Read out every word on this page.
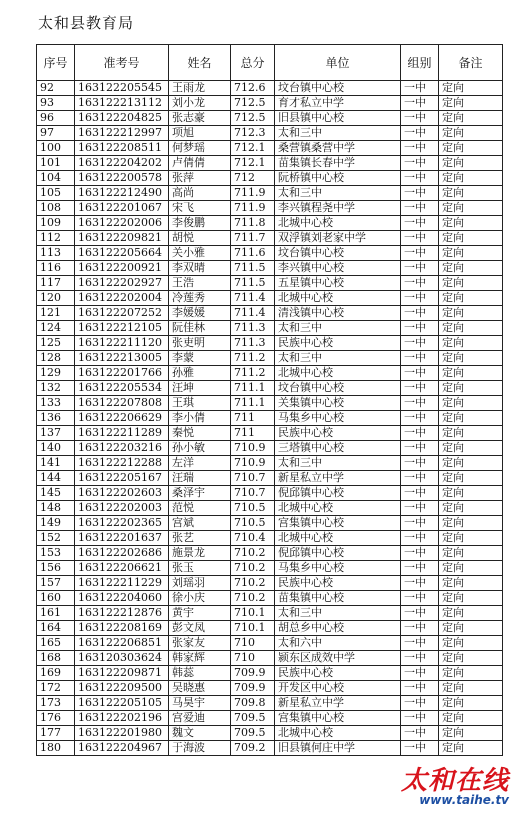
太和县教育局
序号	准考号	姓名	总分	单位	组别	备注
92	163122205545	王雨龙	712.6	坟台镇中心校	一中	定向
93	163122213112	刘小龙	712.5	育才私立中学	一中	定向
96	163122204825	张志豪	712.5	旧县镇中心校	一中	定向
97	163122212997	项旭	712.3	太和三中	一中	定向
100	163122208511	何梦瑶	712.1	桑营镇桑营中学	一中	定向
101	163122204202	卢倩倩	712.1	苗集镇长春中学	一中	定向
104	163122200578	张萍	712	阮桥镇中心校	一中	定向
105	163122212490	高尚	711.9	太和三中	一中	定向
108	163122201067	宋飞	711.9	李兴镇程尧中学	一中	定向
109	163122202006	李俊鹏	711.8	北城中心校	一中	定向
112	163122209821	胡悦	711.7	双浮镇刘老家中学	一中	定向
113	163122205664	关小雅	711.6	坟台镇中心校	一中	定向
116	163122200921	李双晴	711.5	李兴镇中心校	一中	定向
117	163122202927	王浩	711.5	五星镇中心校	一中	定向
120	163122202004	冷莲秀	711.4	北城中心校	一中	定向
121	163122207252	李媛媛	711.4	清浅镇中心校	一中	定向
124	163122212105	阮佳林	711.3	太和三中	一中	定向
125	163122211120	张吏明	711.3	民族中心校	一中	定向
128	163122213005	李蒙	711.2	太和三中	一中	定向
129	163122201766	孙雅	711.2	北城中心校	一中	定向
132	163122205534	汪坤	711.1	坟台镇中心校	一中	定向
133	163122207808	王琪	711.1	关集镇中心校	一中	定向
136	163122206629	李小倩	711	马集乡中心校	一中	定向
137	163122211289	秦悦	711	民族中心校	一中	定向
140	163122203216	孙小敏	710.9	三塔镇中心校	一中	定向
141	163122212288	左洋	710.9	太和三中	一中	定向
144	163122205167	汪瑞	710.7	新星私立中学	一中	定向
145	163122202603	桑泽宇	710.7	倪邱镇中心校	一中	定向
148	163122202003	范悦	710.5	北城中心校	一中	定向
149	163122202365	宫斌	710.5	宫集镇中心校	一中	定向
152	163122201637	张艺	710.4	北城中心校	一中	定向
153	163122202686	施景龙	710.2	倪邱镇中心校	一中	定向
156	163122206621	张玉	710.2	马集乡中心校	一中	定向
157	163122211229	刘瑶羽	710.2	民族中心校	一中	定向
160	163122204060	徐小庆	710.2	苗集镇中心校	一中	定向
161	163122212876	黄宇	710.1	太和三中	一中	定向
164	163122208169	彭文凤	710.1	胡总乡中心校	一中	定向
165	163122206851	张家友	710	太和六中	一中	定向
168	163120303624	韩家辉	710	颍东区成效中学	一中	定向
169	163122209871	韩蕊	709.9	民族中心校	一中	定向
172	163122209500	吴晓惠	709.9	开发区中心校	一中	定向
173	163122205105	马昊宇	709.8	新星私立中学	一中	定向
176	163122202196	宫爱迪	709.5	宫集镇中心校	一中	定向
177	163122201980	魏文	709.5	北城中心校	一中	定向
180	163122204967	于海波	709.2	旧县镇何庄中学	一中	定向
太和在线
www.taihe.tv
